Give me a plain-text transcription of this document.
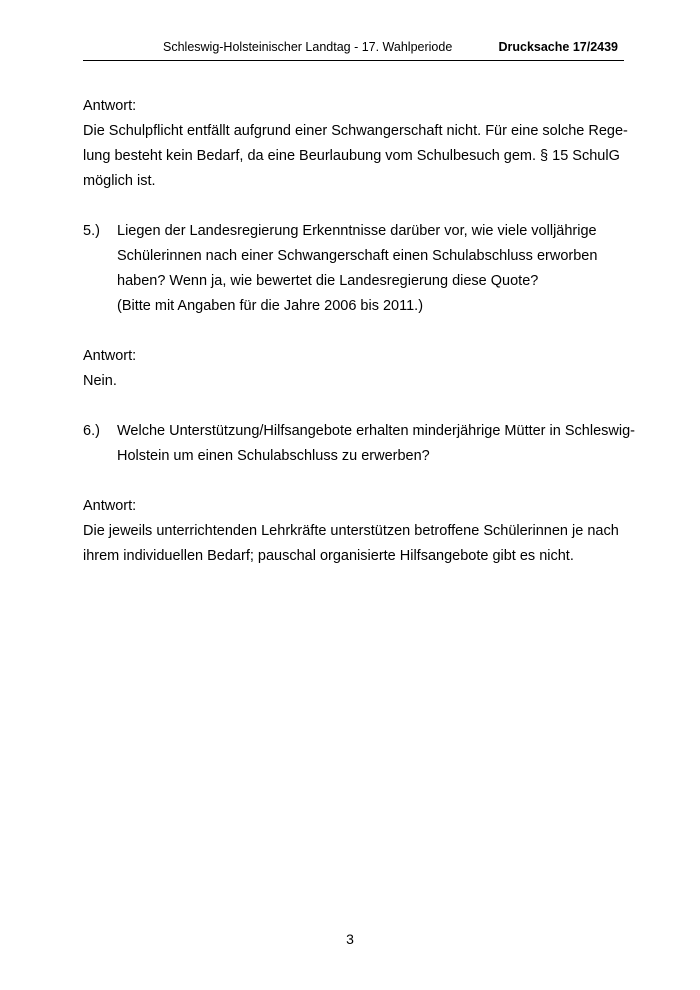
Schleswig-Holsteinischer Landtag - 17. Wahlperiode	Drucksache 17/2439
Antwort:
Die Schulpflicht entfällt aufgrund einer Schwangerschaft nicht. Für eine solche Rege-
lung besteht kein Bedarf, da eine Beurlaubung vom Schulbesuch gem. § 15 SchulG
möglich ist.
5.) Liegen der Landesregierung Erkenntnisse darüber vor, wie viele volljährige
Schülerinnen nach einer Schwangerschaft einen Schulabschluss erworben
haben? Wenn ja, wie bewertet die Landesregierung diese Quote?
(Bitte mit Angaben für die Jahre 2006 bis 2011.)
Antwort:
Nein.
6.) Welche Unterstützung/Hilfsangebote erhalten minderjährige Mütter in Schleswig-
Holstein um einen Schulabschluss zu erwerben?
Antwort:
Die jeweils unterrichtenden Lehrkräfte unterstützen betroffene Schülerinnen je nach
ihrem individuellen Bedarf; pauschal organisierte Hilfsangebote gibt es nicht.
3
